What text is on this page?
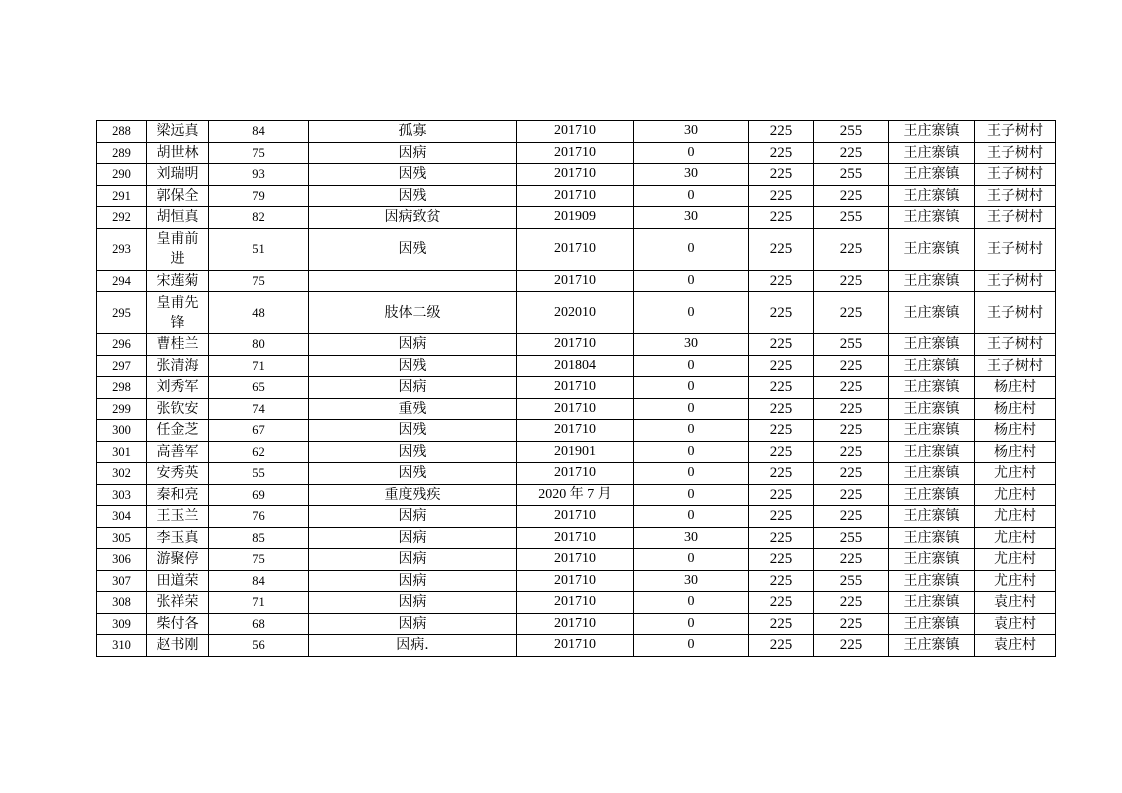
288	梁远真	84	孤寡	201710	30	225	255	王庄寨镇	王子树村
289	胡世林	75	因病	201710	0	225	225	王庄寨镇	王子树村
290	刘瑞明	93	因残	201710	30	225	255	王庄寨镇	王子树村
291	郭保全	79	因残	201710	0	225	225	王庄寨镇	王子树村
292	胡恒真	82	因病致贫	201909	30	225	255	王庄寨镇	王子树村
293	皇甫前进	51	因残	201710	0	225	225	王庄寨镇	王子树村
294	宋莲菊	75		201710	0	225	225	王庄寨镇	王子树村
295	皇甫先锋	48	肢体二级	202010	0	225	225	王庄寨镇	王子树村
296	曹桂兰	80	因病	201710	30	225	255	王庄寨镇	王子树村
297	张清海	71	因残	201804	0	225	225	王庄寨镇	王子树村
298	刘秀军	65	因病	201710	0	225	225	王庄寨镇	杨庄村
299	张钦安	74	重残	201710	0	225	225	王庄寨镇	杨庄村
300	任金芝	67	因残	201710	0	225	225	王庄寨镇	杨庄村
301	高善军	62	因残	201901	0	225	225	王庄寨镇	杨庄村
302	安秀英	55	因残	201710	0	225	225	王庄寨镇	尤庄村
303	秦和亮	69	重度残疾	2020 年 7 月	0	225	225	王庄寨镇	尤庄村
304	王玉兰	76	因病	201710	0	225	225	王庄寨镇	尤庄村
305	李玉真	85	因病	201710	30	225	255	王庄寨镇	尤庄村
306	游聚停	75	因病	201710	0	225	225	王庄寨镇	尤庄村
307	田道荣	84	因病	201710	30	225	255	王庄寨镇	尤庄村
308	张祥荣	71	因病	201710	0	225	225	王庄寨镇	袁庄村
309	柴付各	68	因病	201710	0	225	225	王庄寨镇	袁庄村
310	赵书刚	56	因病.	201710	0	225	225	王庄寨镇	袁庄村
